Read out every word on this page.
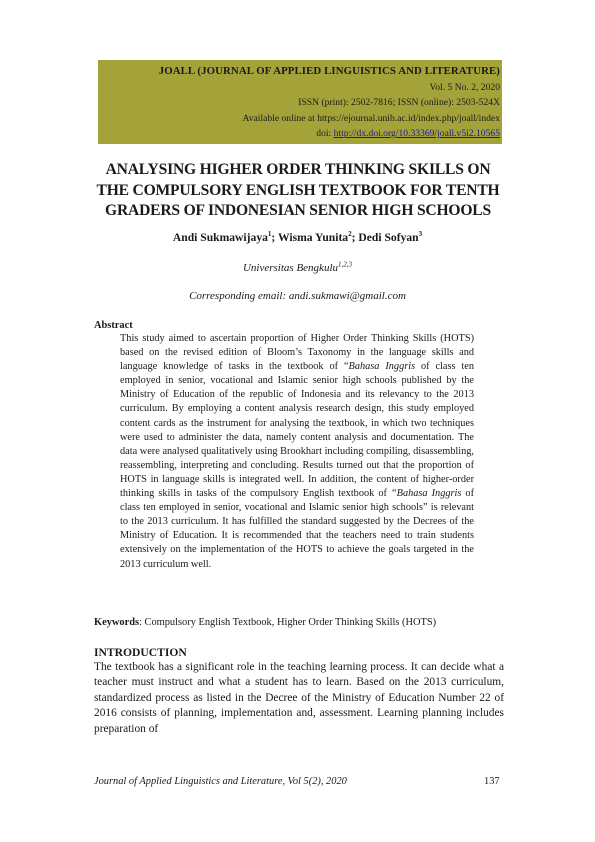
JOALL (JOURNAL OF APPLIED LINGUISTICS AND LITERATURE)
Vol. 5 No. 2, 2020
ISSN (print): 2502-7816; ISSN (online): 2503-524X
Available online at https://ejournal.unib.ac.id/index.php/joall/index
doi: http://dx.doi.org/10.33369/joall.v5i2.10565
ANALYSING HIGHER ORDER THINKING SKILLS ON
THE COMPULSORY ENGLISH TEXTBOOK FOR TENTH
GRADERS OF INDONESIAN SENIOR HIGH SCHOOLS
Andi Sukmawijaya$^1$; Wisma Yunita$^2$; Dedi Sofyan$^3$
Universitas Bengkulu$^{1,2,3}$
Corresponding email: andi.sukmawi@gmail.com
Abstract
This study aimed to ascertain proportion of Higher Order Thinking Skills (HOTS) based on the revised edition of Bloom’s Taxonomy in the language skills and language knowledge of tasks in the textbook of “Bahasa Inggris of class ten employed in senior, vocational and Islamic senior high schools published by the Ministry of Education of the republic of Indonesia and its relevancy to the 2013 curriculum. By employing a content analysis research design, this study employed content cards as the instrument for analysing the textbook, in which two techniques were used to administer the data, namely content analysis and documentation. The data were analysed qualitatively using Brookhart including compiling, disassembling, reassembling, interpreting and concluding. Results turned out that the proportion of HOTS in language skills is integrated well. In addition, the content of higher-order thinking skills in tasks of the compulsory English textbook of “Bahasa Inggris of class ten employed in senior, vocational and Islamic senior high schools” is relevant to the 2013 curriculum. It has fulfilled the standard suggested by the Decrees of the Ministry of Education. It is recommended that the teachers need to train students extensively on the implementation of the HOTS to achieve the goals targeted in the 2013 curriculum well.
Keywords: Compulsory English Textbook, Higher Order Thinking Skills (HOTS)
INTRODUCTION
The textbook has a significant role in the teaching learning process. It can decide what a teacher must instruct and what a student has to learn. Based on the 2013 curriculum, standardized process as listed in the Decree of the Ministry of Education Number 22 of 2016 consists of planning, implementation and, assessment. Learning planning includes preparation of
Journal of Applied Linguistics and Literature, Vol 5(2), 2020	137
